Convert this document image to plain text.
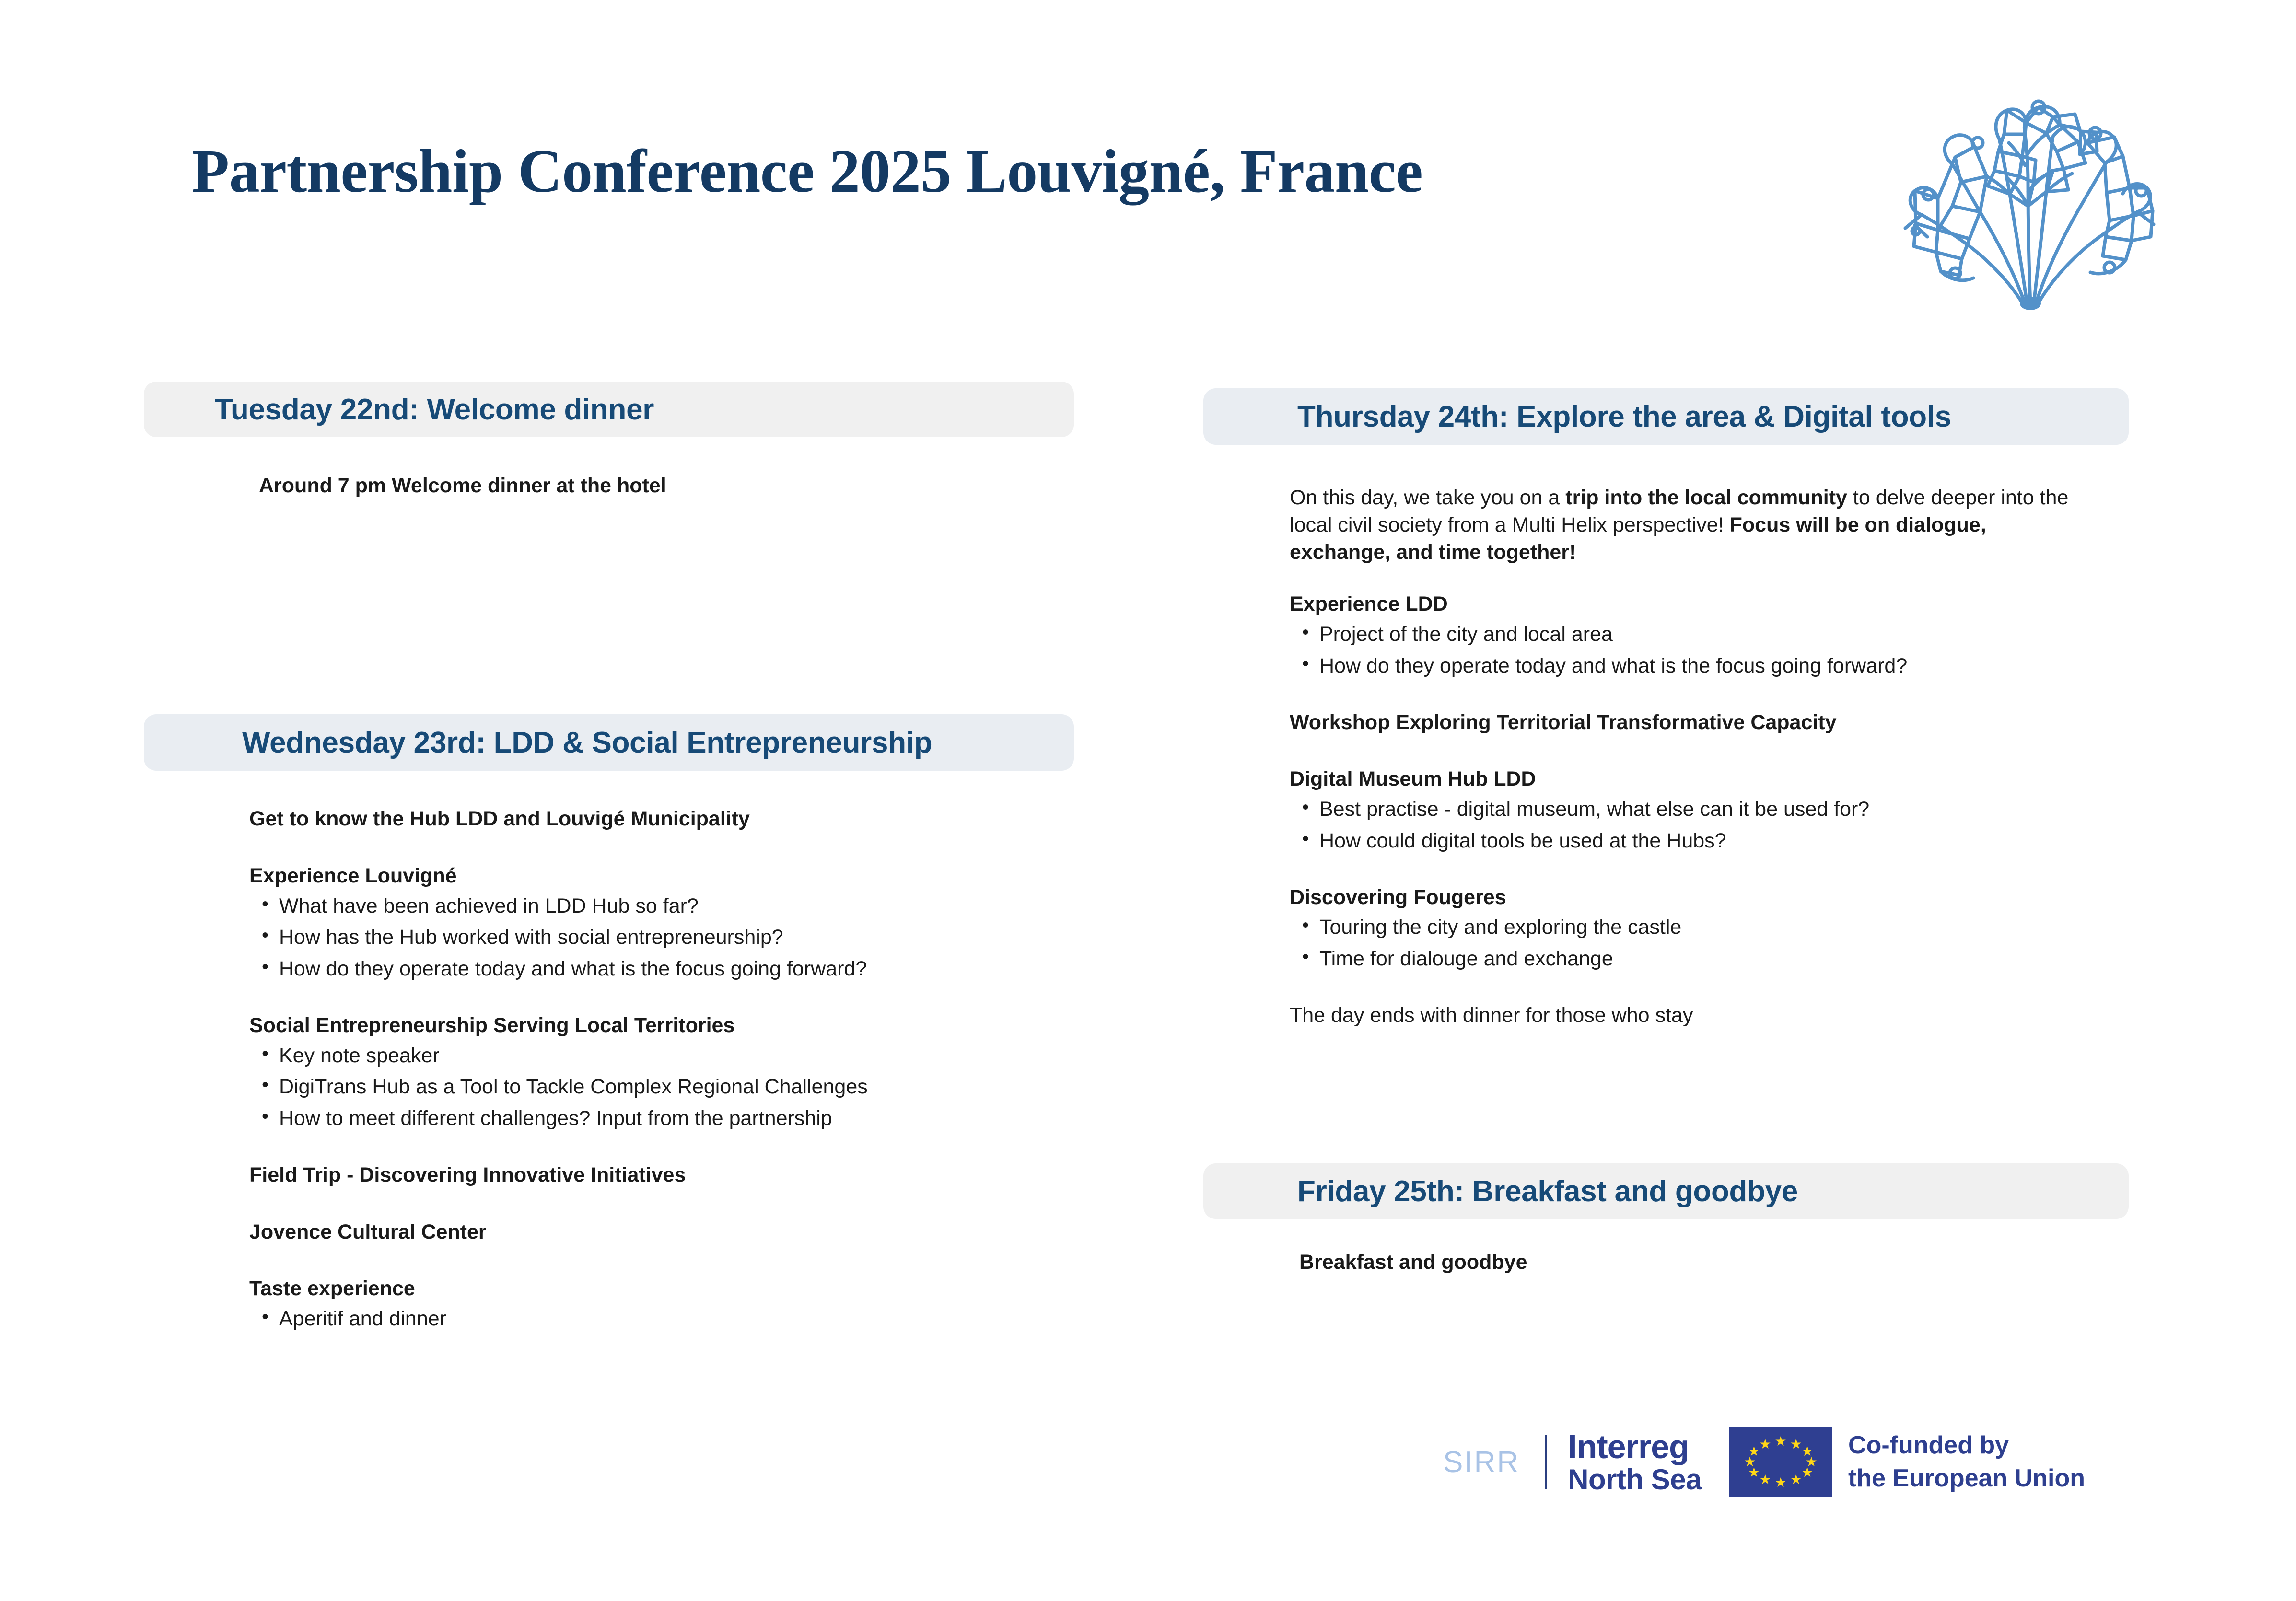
Partnership Conference 2025 Louvigné, France
Tuesday 22nd: Welcome dinner
Around 7 pm Welcome dinner at the hotel
Wednesday 23rd: LDD & Social Entrepreneurship
Get to know the Hub LDD and Louvigé Municipality
Experience Louvigné
• What have been achieved in LDD Hub so far?
• How has the Hub worked with social entrepreneurship?
• How do they operate today and what is the focus going forward?
Social Entrepreneurship Serving Local Territories
• Key note speaker
• DigiTrans Hub as a Tool to Tackle Complex Regional Challenges
• How to meet different challenges? Input from the partnership
Field Trip - Discovering Innovative Initiatives
Jovence Cultural Center
Taste experience
• Aperitif and dinner
Thursday 24th: Explore the area & Digital tools
On this day, we take you on a trip into the local community to delve deeper into the local civil society from a Multi Helix perspective! Focus will be on dialogue, exchange, and time together!
Experience LDD
• Project of the city and local area
• How do they operate today and what is the focus going forward?
Workshop Exploring Territorial Transformative Capacity
Digital Museum Hub LDD
• Best practise - digital museum, what else can it be used for?
• How could digital tools be used at the Hubs?
Discovering Fougeres
• Touring the city and exploring the castle
• Time for dialouge and exchange
The day ends with dinner for those who stay
Friday 25th: Breakfast and goodbye
Breakfast and goodbye
SIRR Interreg Interreg
North Sea
★ ★
★
★
★
★
★
★
★
★
★
★	Co-funded by
the European Union
